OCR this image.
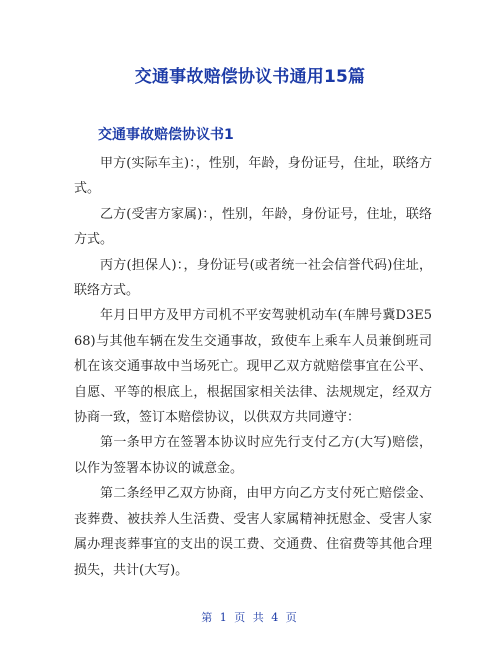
交通事故赔偿协议书通用15篇
交通事故赔偿协议书1

甲方(实际车主)：，性别，年龄，身份证号，住址，联络方式。

乙方(受害方家属)：，性别，年龄，身份证号，住址，联络方式。

丙方(担保人)：，身份证号(或者统一社会信誉代码)住址，联络方式。

年月日甲方及甲方司机不平安驾驶机动车(车牌号冀D3E568)与其他车辆在发生交通事故，致使车上乘车人员兼倒班司机在该交通事故中当场死亡。现甲乙双方就赔偿事宜在公平、自愿、平等的根底上，根据国家相关法律、法规规定，经双方协商一致，签订本赔偿协议，以供双方共同遵守：

第一条甲方在签署本协议时应先行支付乙方(大写)赔偿，以作为签署本协议的诚意金。

第二条经甲乙双方协商，由甲方向乙方支付死亡赔偿金、丧葬费、被扶养人生活费、受害人家属精神抚慰金、受害人家属办理丧葬事宜的支出的误工费、交通费、住宿费等其他合理损失，共计(大写)。

第 1 页 共 4 页
